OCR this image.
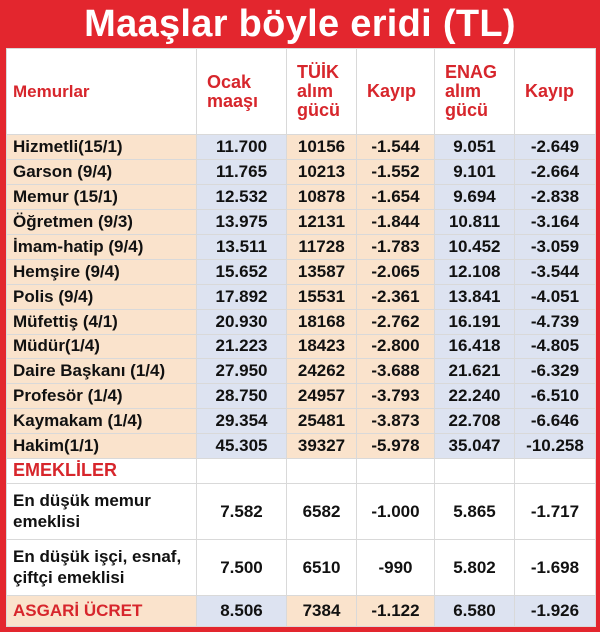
Maaşlar böyle eridi (TL)
Memurlar	Ocak maaşı	TÜİK alım gücü	Kayıp	ENAG alım gücü	Kayıp
Hizmetli(15/1)	11.700	10156	-1.544	9.051	-2.649
Garson (9/4)	11.765	10213	-1.552	9.101	-2.664
Memur (15/1)	12.532	10878	-1.654	9.694	-2.838
Öğretmen (9/3)	13.975	12131	-1.844	10.811	-3.164
İmam-hatip (9/4)	13.511	11728	-1.783	10.452	-3.059
Hemşire (9/4)	15.652	13587	-2.065	12.108	-3.544
Polis (9/4)	17.892	15531	-2.361	13.841	-4.051
Müfettiş (4/1)	20.930	18168	-2.762	16.191	-4.739
Müdür(1/4)	21.223	18423	-2.800	16.418	-4.805
Daire Başkanı (1/4)	27.950	24262	-3.688	21.621	-6.329
Profesör (1/4)	28.750	24957	-3.793	22.240	-6.510
Kaymakam (1/4)	29.354	25481	-3.873	22.708	-6.646
Hakim(1/1)	45.305	39327	-5.978	35.047	-10.258
EMEKLİLER					
En düşük memur emeklisi	7.582	6582	-1.000	5.865	-1.717
En düşük işçi, esnaf, çiftçi emeklisi	7.500	6510	-990	5.802	-1.698
ASGARİ ÜCRET	8.506	7384	-1.122	6.580	-1.926
